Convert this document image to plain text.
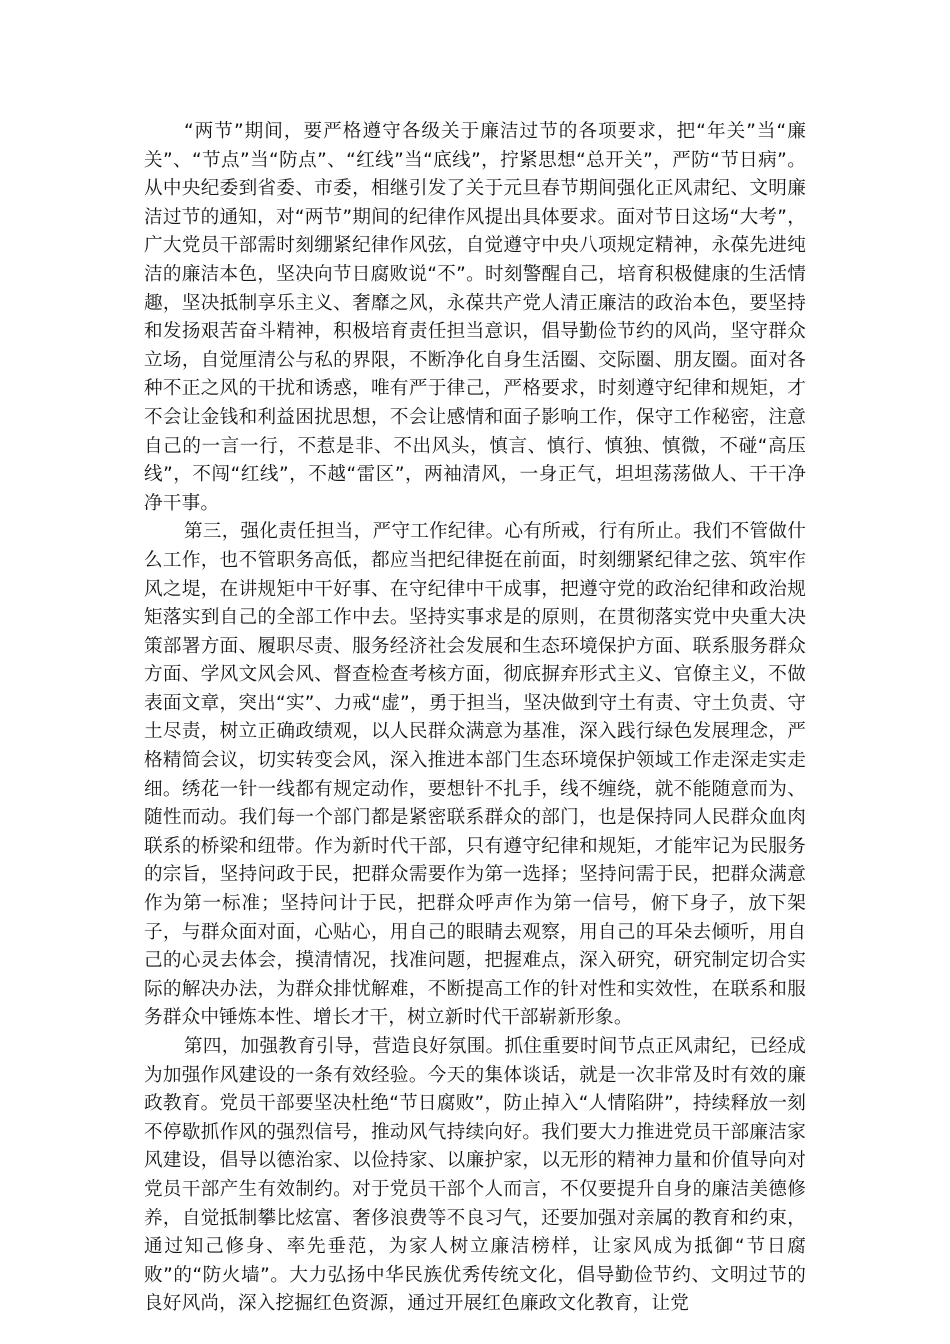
“两节”期间，要严格遵守各级关于廉洁过节的各项要求，把“年关”当“廉关”、“节点”当“防点”、“红线”当“底线”，拧紧思想“总开关”，严防“节日病”。从中央纪委到省委、市委，相继引发了关于元旦春节期间强化正风肃纪、文明廉洁过节的通知，对“两节”期间的纪律作风提出具体要求。面对节日这场“大考”，广大党员干部需时刻绷紧纪律作风弦，自觉遵守中央八项规定精神，永葆先进纯洁的廉洁本色，坚决向节日腐败说“不”。时刻警醒自己，培育积极健康的生活情趣，坚决抵制享乐主义、奢靡之风，永葆共产党人清正廉洁的政治本色，要坚持和发扬艰苦奋斗精神，积极培育责任担当意识，倡导勤俭节约的风尚，坚守群众立场，自觉厘清公与私的界限，不断净化自身生活圈、交际圈、朋友圈。面对各种不正之风的干扰和诱惑，唯有严于律己，严格要求，时刻遵守纪律和规矩，才不会让金钱和利益困扰思想，不会让感情和面子影响工作，保守工作秘密，注意自己的一言一行，不惹是非、不出风头，慎言、慎行、慎独、慎微，不碰“高压线”，不闯“红线”，不越“雷区”，两袖清风，一身正气，坦坦荡荡做人、干干净净干事。

第三，强化责任担当，严守工作纪律。心有所戒，行有所止。我们不管做什么工作，也不管职务高低，都应当把纪律挺在前面，时刻绷紧纪律之弦、筑牢作风之堤，在讲规矩中干好事、在守纪律中干成事，把遵守党的政治纪律和政治规矩落实到自己的全部工作中去。坚持实事求是的原则，在贯彻落实党中央重大决策部署方面、履职尽责、服务经济社会发展和生态环境保护方面、联系服务群众方面、学风文风会风、督查检查考核方面，彻底摒弃形式主义、官僚主义，不做表面文章，突出“实”、力戒“虚”，勇于担当，坚决做到守土有责、守土负责、守土尽责，树立正确政绩观，以人民群众满意为基准，深入践行绿色发展理念，严格精简会议，切实转变会风，深入推进本部门生态环境保护领域工作走深走实走细。绣花一针一线都有规定动作，要想针不扎手，线不缠绕，就不能随意而为、随性而动。我们每一个部门都是紧密联系群众的部门，也是保持同人民群众血肉联系的桥梁和纽带。作为新时代干部，只有遵守纪律和规矩，才能牢记为民服务的宗旨，坚持问政于民，把群众需要作为第一选择；坚持问需于民，把群众满意作为第一标准；坚持问计于民，把群众呼声作为第一信号，俯下身子，放下架子，与群众面对面，心贴心，用自己的眼睛去观察，用自己的耳朵去倾听，用自己的心灵去体会，摸清情况，找准问题，把握难点，深入研究，研究制定切合实际的解决办法，为群众排忧解难，不断提高工作的针对性和实效性，在联系和服务群众中锤炼本性、增长才干，树立新时代干部崭新形象。

第四，加强教育引导，营造良好氛围。抓住重要时间节点正风肃纪，已经成为加强作风建设的一条有效经验。今天的集体谈话，就是一次非常及时有效的廉政教育。党员干部要坚决杜绝“节日腐败”，防止掉入“人情陷阱”，持续释放一刻不停歇抓作风的强烈信号，推动风气持续向好。我们要大力推进党员干部廉洁家风建设，倡导以德治家、以俭持家、以廉护家，以无形的精神力量和价值导向对党员干部产生有效制约。对于党员干部个人而言，不仅要提升自身的廉洁美德修养，自觉抵制攀比炫富、奢侈浪费等不良习气，还要加强对亲属的教育和约束，通过知己修身、率先垂范，为家人树立廉洁榜样，让家风成为抵御“节日腐败”的“防火墙”。大力弘扬中华民族优秀传统文化，倡导勤俭节约、文明过节的良好风尚，深入挖掘红色资源，通过开展红色廉政文化教育，让党
